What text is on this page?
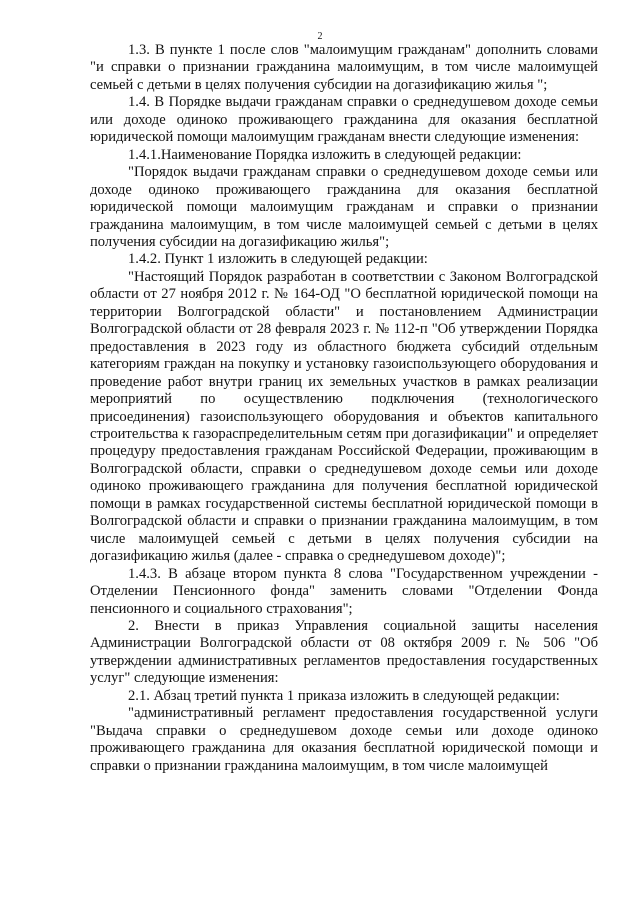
2

1.3. В пункте 1 после слов "малоимущим гражданам" дополнить словами "и справки о признании гражданина малоимущим, в том числе малоимущей семьей с детьми в целях получения субсидии на догазификацию жилья ";

1.4. В Порядке выдачи гражданам справки о среднедушевом доходе семьи или доходе одиноко проживающего гражданина для оказания бесплатной юридической помощи малоимущим гражданам внести следующие изменения:

1.4.1.Наименование Порядка изложить в следующей редакции:

"Порядок выдачи гражданам справки о среднедушевом доходе семьи или доходе одиноко проживающего гражданина для оказания бесплатной юридической помощи малоимущим гражданам и справки о признании гражданина малоимущим, в том числе малоимущей семьей с детьми в целях получения субсидии на догазификацию жилья";

1.4.2. Пункт 1 изложить в следующей редакции:

"Настоящий Порядок разработан в соответствии с Законом Волгоградской области от 27 ноября 2012 г. № 164-ОД "О бесплатной юридической помощи на территории Волгоградской области" и постановлением Администрации Волгоградской области от 28 февраля 2023 г. № 112-п "Об утверждении Порядка предоставления в 2023 году из областного бюджета субсидий отдельным категориям граждан на покупку и установку газоиспользующего оборудования и проведение работ внутри границ их земельных участков в рамках реализации мероприятий по осуществлению подключения (технологического присоединения) газоиспользующего оборудования и объектов капитального строительства к газораспределительным сетям при догазификации" и определяет процедуру предоставления гражданам Российской Федерации, проживающим в Волгоградской области, справки о среднедушевом доходе семьи или доходе одиноко проживающего гражданина для получения бесплатной юридической помощи в рамках государственной системы бесплатной юридической помощи в Волгоградской области и справки о признании гражданина малоимущим, в том числе малоимущей семьей с детьми в целях получения субсидии на догазификацию жилья (далее - справка о среднедушевом доходе)";

1.4.3. В абзаце втором пункта 8 слова "Государственном учреждении - Отделении Пенсионного фонда" заменить словами "Отделении Фонда пенсионного и социального страхования";

2. Внести в приказ Управления социальной защиты населения Администрации Волгоградской области от 08 октября 2009 г. № 506 "Об утверждении административных регламентов предоставления государственных услуг" следующие изменения:

2.1. Абзац третий пункта 1 приказа изложить в следующей редакции:

"административный регламент предоставления государственной услуги "Выдача справки о среднедушевом доходе семьи или доходе одиноко проживающего гражданина для оказания бесплатной юридической помощи и справки о признании гражданина малоимущим, в том числе малоимущей
